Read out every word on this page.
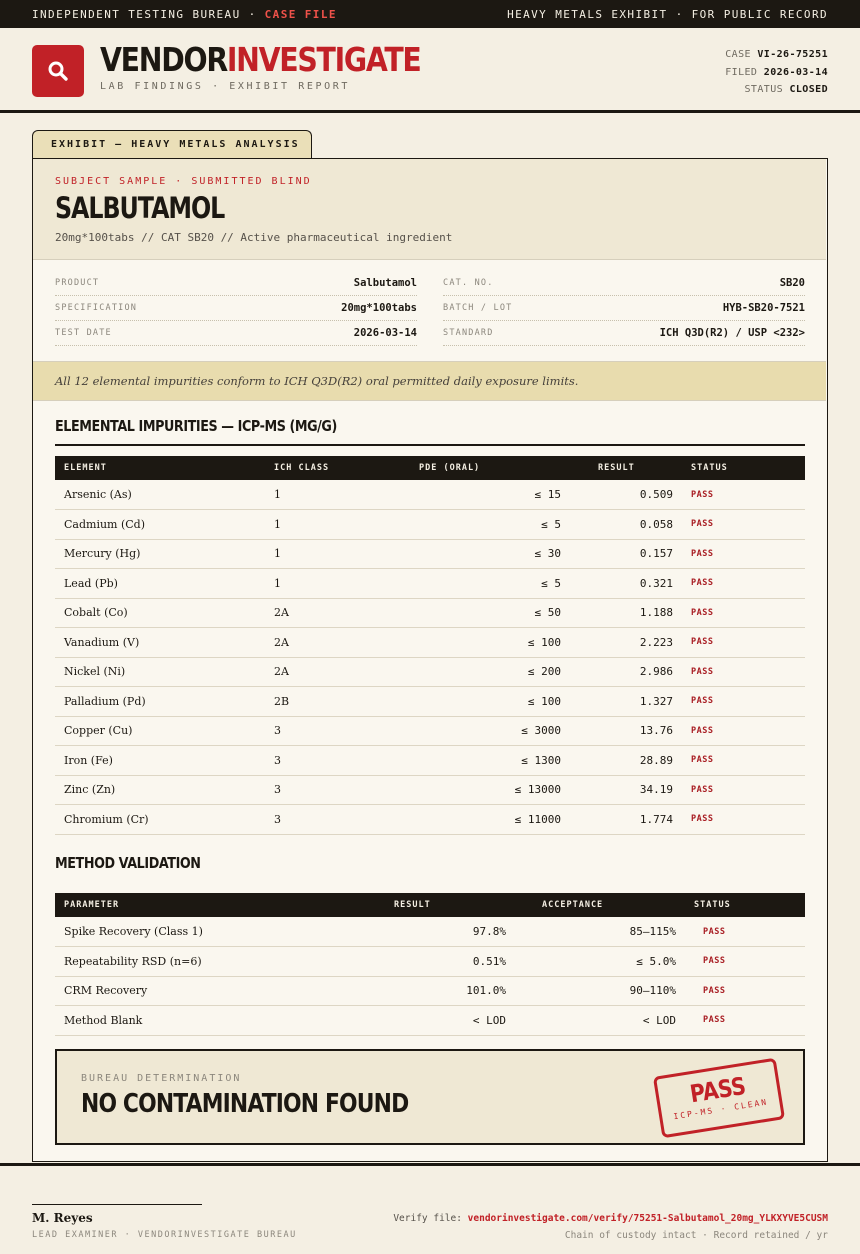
INDEPENDENT TESTING BUREAU · CASE FILE	HEAVY METALS EXHIBIT · FOR PUBLIC RECORD
VENDORINVESTIGATE
LAB FINDINGS · EXHIBIT REPORT
CASE VI-26-75251
FILED 2026-03-14
STATUS CLOSED
EXHIBIT — HEAVY METALS ANALYSIS
SUBJECT SAMPLE · SUBMITTED BLIND
SALBUTAMOL
20mg*100tabs // CAT SB20 // Active pharmaceutical ingredient
PRODUCT	Salbutamol
SPECIFICATION	20mg*100tabs
TEST DATE	2026-03-14
CAT. NO.	SB20
BATCH / LOT	HYB-SB20-7521
STANDARD	ICH Q3D(R2) / USP <232>
All 12 elemental impurities conform to ICH Q3D(R2) oral permitted daily exposure limits.
ELEMENTAL IMPURITIES — ICP-MS (ΜG/G)
ELEMENT	ICH CLASS	PDE (ORAL)	RESULT	STATUS
Arsenic (As)	1	≤ 15	0.509	PASS
Cadmium (Cd)	1	≤ 5	0.058	PASS
Mercury (Hg)	1	≤ 30	0.157	PASS
Lead (Pb)	1	≤ 5	0.321	PASS
Cobalt (Co)	2A	≤ 50	1.188	PASS
Vanadium (V)	2A	≤ 100	2.223	PASS
Nickel (Ni)	2A	≤ 200	2.986	PASS
Palladium (Pd)	2B	≤ 100	1.327	PASS
Copper (Cu)	3	≤ 3000	13.76	PASS
Iron (Fe)	3	≤ 1300	28.89	PASS
Zinc (Zn)	3	≤ 13000	34.19	PASS
Chromium (Cr)	3	≤ 11000	1.774	PASS
METHOD VALIDATION
PARAMETER	RESULT	ACCEPTANCE	STATUS
Spike Recovery (Class 1)	97.8%	85–115%	PASS
Repeatability RSD (n=6)	0.51%	≤ 5.0%	PASS
CRM Recovery	101.0%	90–110%	PASS
Method Blank	< LOD	< LOD	PASS
BUREAU DETERMINATION
NO CONTAMINATION FOUND	PASS
ICP-MS · CLEAN
M. Reyes
LEAD EXAMINER · VENDORINVESTIGATE BUREAU
Verify file: vendorinvestigate.com/verify/75251-Salbutamol_20mg_YLKXYVE5CUSM
Chain of custody intact · Record retained / yr
